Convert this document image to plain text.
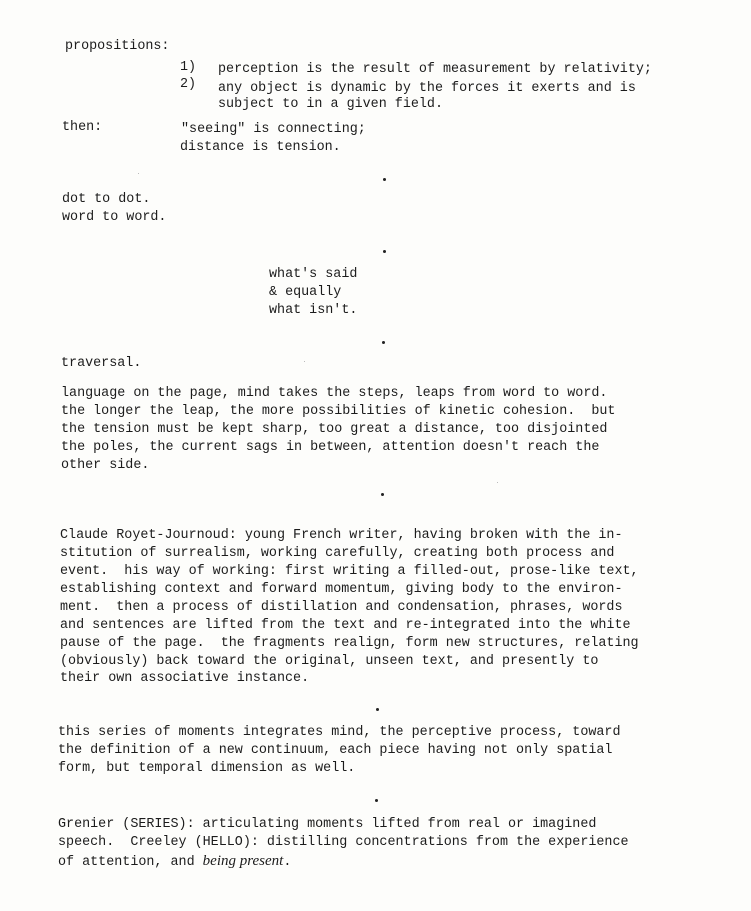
propositions:
1) perception is the result of measurement by relativity;
2) any object is dynamic by the forces it exerts and is
subject to in a given field.
then:	"seeing" is connecting;
distance is tension.
dot to dot.
word to word.
what's said
& equally
what isn't.
traversal.
language on the page, mind takes the steps, leaps from word to word.
the longer the leap, the more possibilities of kinetic cohesion.  but
the tension must be kept sharp, too great a distance, too disjointed
the poles, the current sags in between, attention doesn't reach the
other side.
Claude Royet-Journoud: young French writer, having broken with the in-
stitution of surrealism, working carefully, creating both process and
event.  his way of working: first writing a filled-out, prose-like text,
establishing context and forward momentum, giving body to the environ-
ment.  then a process of distillation and condensation, phrases, words
and sentences are lifted from the text and re-integrated into the white
pause of the page.  the fragments realign, form new structures, relating
(obviously) back toward the original, unseen text, and presently to
their own associative instance.
this series of moments integrates mind, the perceptive process, toward
the definition of a new continuum, each piece having not only spatial
form, but temporal dimension as well.
Grenier (SERIES): articulating moments lifted from real or imagined
speech.  Creeley (HELLO): distilling concentrations from the experience
of attention, and being present.
